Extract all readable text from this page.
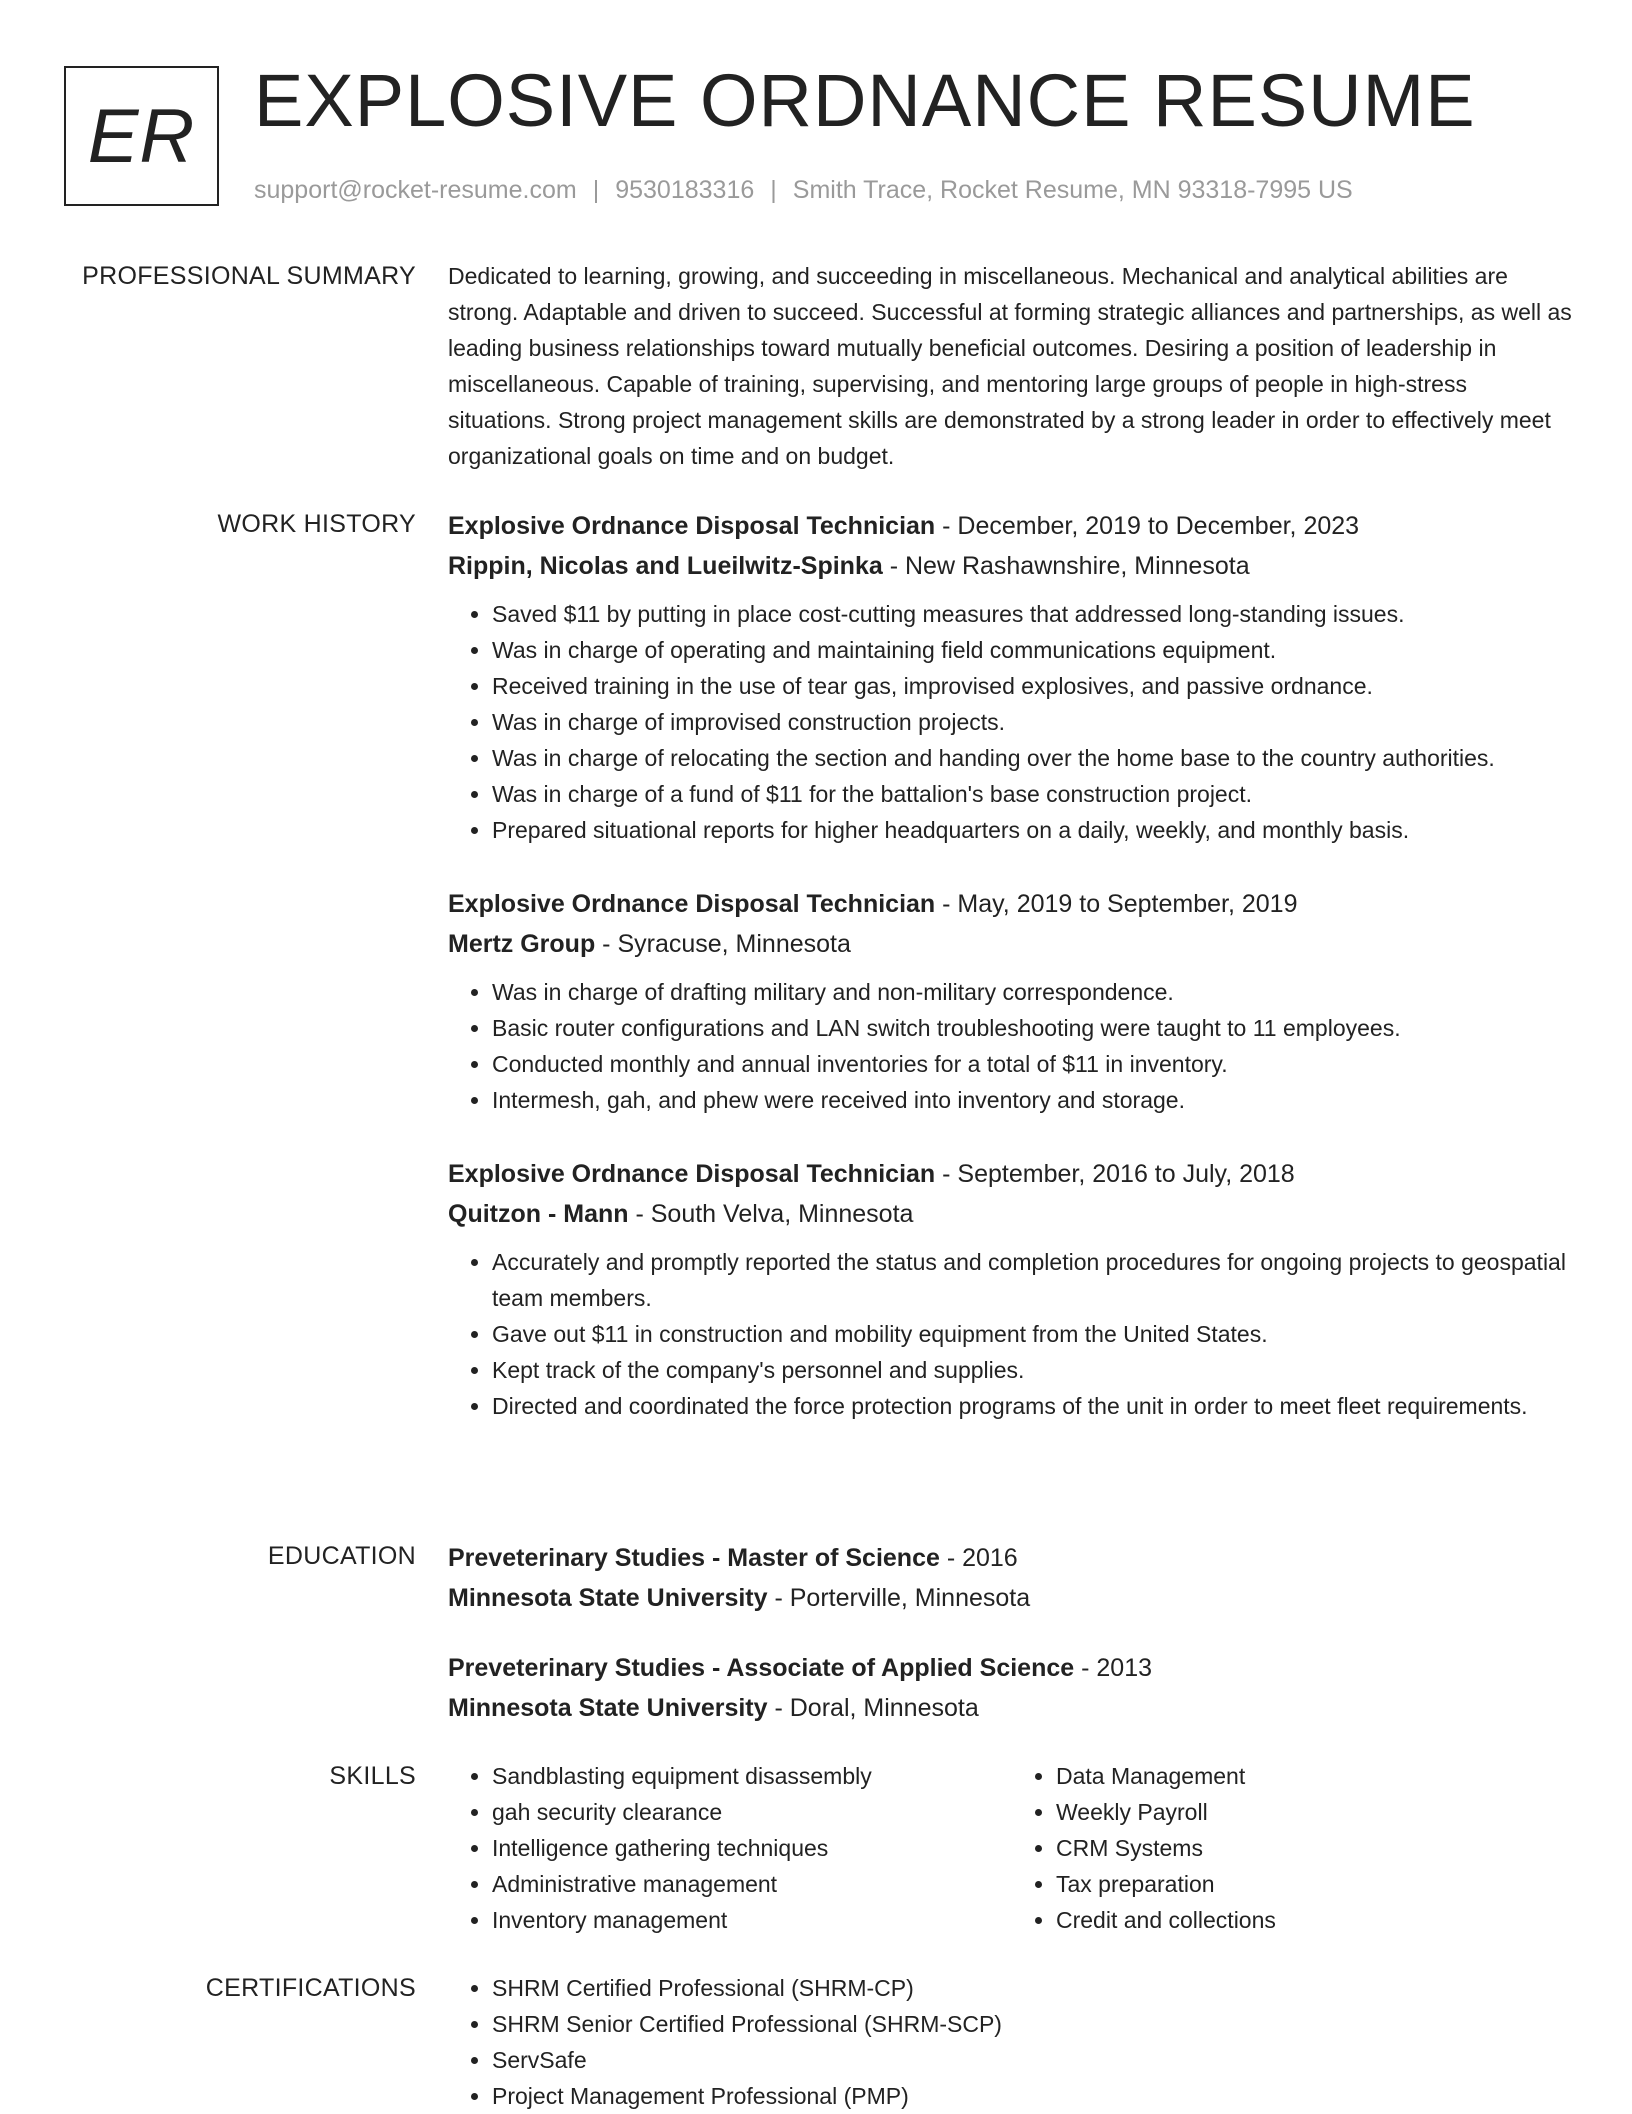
ER EXPLOSIVE ORDNANCE RESUME
support@rocket-resume.com | 9530183316 | Smith Trace, Rocket Resume, MN 93318-7995 US
PROFESSIONAL SUMMARY Dedicated to learning, growing, and succeeding in miscellaneous. Mechanical and analytical abilities are strong. Adaptable and driven to succeed. Successful at forming strategic alliances and partnerships, as well as leading business relationships toward mutually beneficial outcomes. Desiring a position of leadership in miscellaneous. Capable of training, supervising, and mentoring large groups of people in high-stress situations. Strong project management skills are demonstrated by a strong leader in order to effectively meet organizational goals on time and on budget.

WORK HISTORY Explosive Ordnance Disposal Technician - December, 2019 to December, 2023
Rippin, Nicolas and Lueilwitz-Spinka - New Rashawnshire, Minnesota
• Saved $11 by putting in place cost-cutting measures that addressed long-standing issues.
• Was in charge of operating and maintaining field communications equipment.
• Received training in the use of tear gas, improvised explosives, and passive ordnance.
• Was in charge of improvised construction projects.
• Was in charge of relocating the section and handing over the home base to the country authorities.
• Was in charge of a fund of $11 for the battalion's base construction project.
• Prepared situational reports for higher headquarters on a daily, weekly, and monthly basis.
Explosive Ordnance Disposal Technician - May, 2019 to September, 2019
Mertz Group - Syracuse, Minnesota
• Was in charge of drafting military and non-military correspondence.
• Basic router configurations and LAN switch troubleshooting were taught to 11 employees.
• Conducted monthly and annual inventories for a total of $11 in inventory.
• Intermesh, gah, and phew were received into inventory and storage.
Explosive Ordnance Disposal Technician - September, 2016 to July, 2018
Quitzon - Mann - South Velva, Minnesota
• Accurately and promptly reported the status and completion procedures for ongoing projects to geospatial team members.
• Gave out $11 in construction and mobility equipment from the United States.
• Kept track of the company's personnel and supplies.
• Directed and coordinated the force protection programs of the unit in order to meet fleet requirements.
EDUCATION Preveterinary Studies - Master of Science - 2016
Minnesota State University - Porterville, Minnesota
Preveterinary Studies - Associate of Applied Science - 2013
Minnesota State University - Doral, Minnesota
SKILLS	• Sandblasting equipment disassembly
• gah security clearance
• Intelligence gathering techniques
• Administrative management
• Inventory management
• Data Management
• Weekly Payroll
• CRM Systems
• Tax preparation
• Credit and collections
CERTIFICATIONS	• SHRM Certified Professional (SHRM-CP)
• SHRM Senior Certified Professional (SHRM-SCP)
• ServSafe
• Project Management Professional (PMP)
